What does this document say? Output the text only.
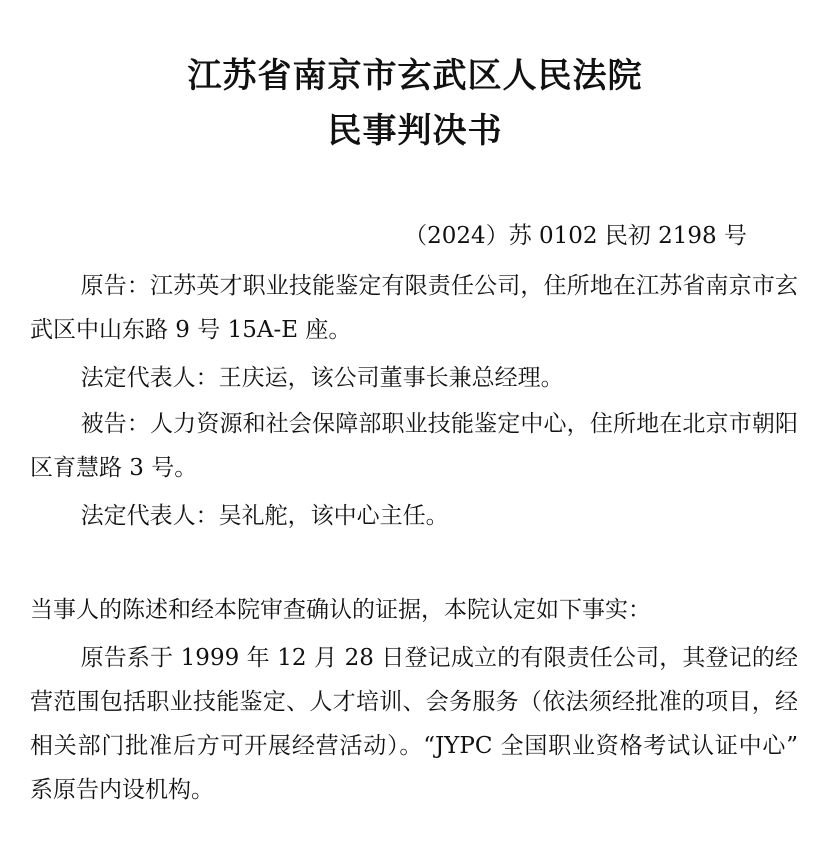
江苏省南京市玄武区人民法院
民事判决书

（2024）苏 0102 民初 2198 号

原告：江苏英才职业技能鉴定有限责任公司，住所地在江苏省南京市玄武区中山东路 9 号 15A-E 座。

法定代表人：王庆运，该公司董事长兼总经理。

被告：人力资源和社会保障部职业技能鉴定中心，住所地在北京市朝阳区育慧路 3 号。

法定代表人：吴礼舵，该中心主任。

当事人的陈述和经本院审查确认的证据，本院认定如下事实：

原告系于 1999 年 12 月 28 日登记成立的有限责任公司，其登记的经营范围包括职业技能鉴定、人才培训、会务服务（依法须经批准的项目，经相关部门批准后方可开展经营活动）。“JYPC 全国职业资格考试认证中心” 系原告内设机构。
